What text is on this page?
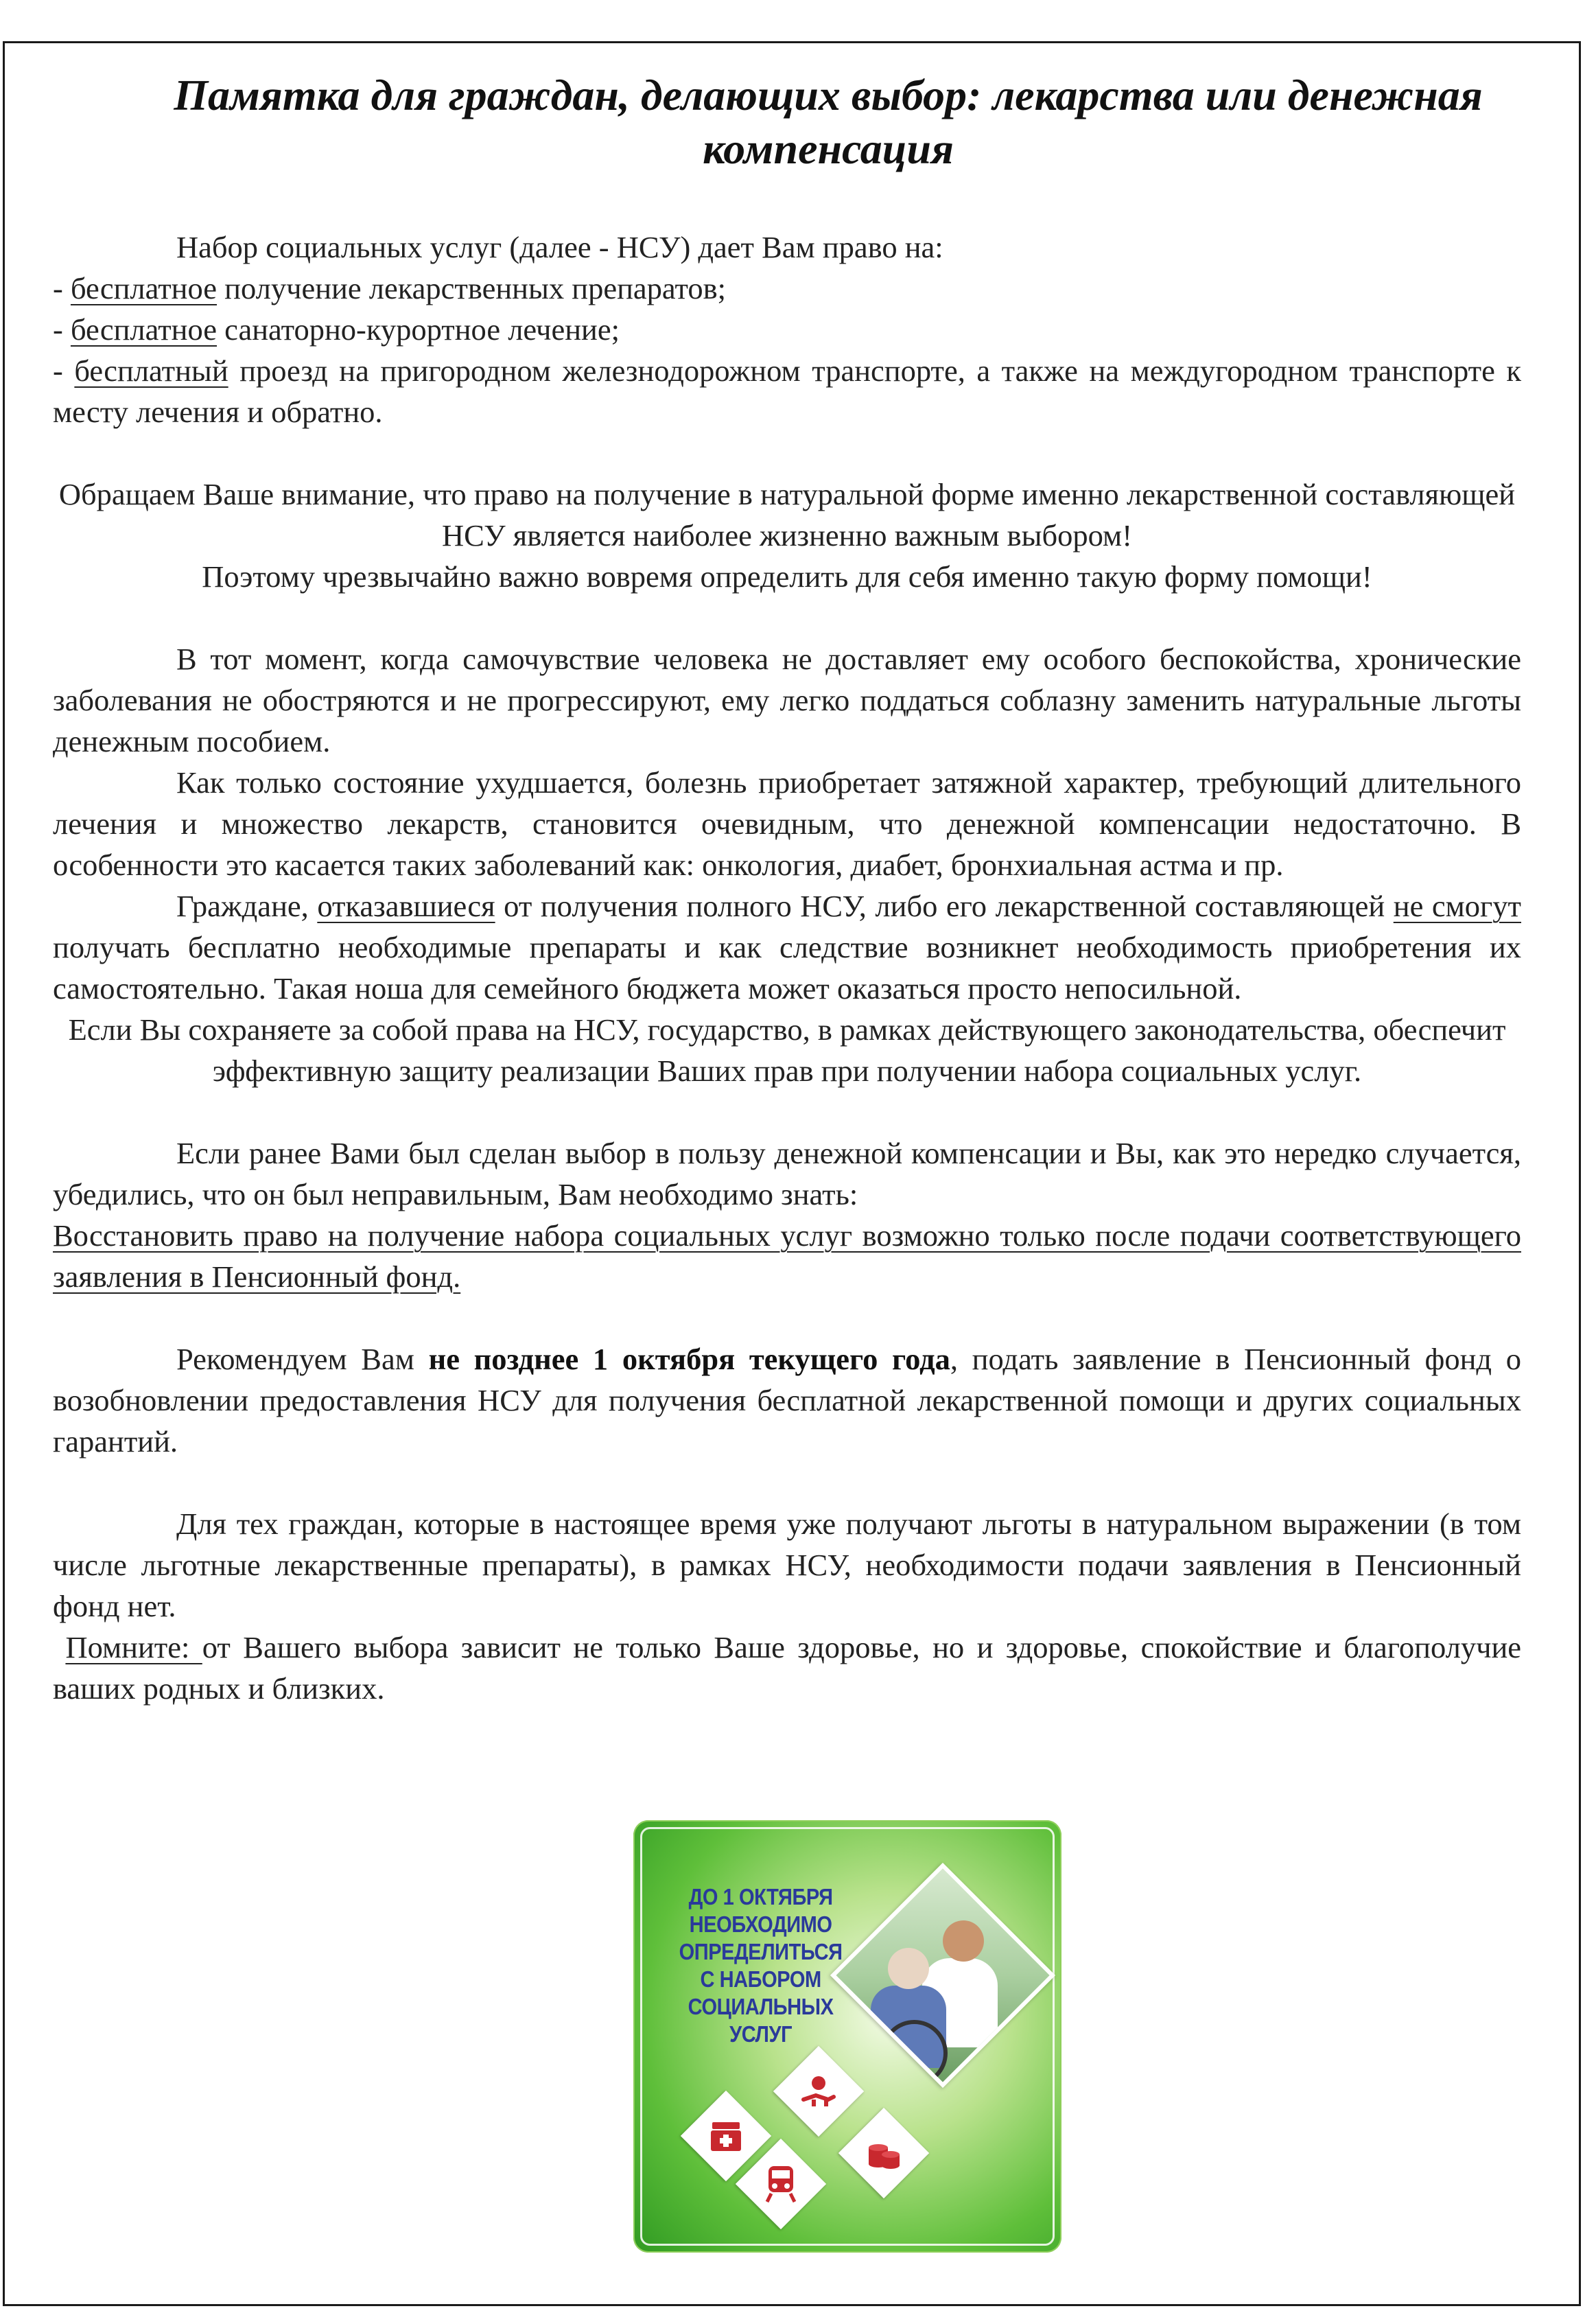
Памятка для граждан, делающих выбор: лекарства или денежная компенсация

Набор социальных услуг (далее - НСУ) дает Вам право на:

- бесплатное получение лекарственных препаратов;

- бесплатное санаторно-курортное лечение;

- бесплатный проезд на пригородном железнодорожном транспорте, а также на междугородном транспорте к месту лечения и обратно.

Обращаем Ваше внимание, что право на получение в натуральной форме именно лекарственной составляющей НСУ является наиболее жизненно важным выбором!

Поэтому чрезвычайно важно вовремя определить для себя именно такую форму помощи!

В тот момент, когда самочувствие человека не доставляет ему особого беспокойства, хронические заболевания не обостряются и не прогрессируют, ему легко поддаться соблазну заменить натуральные льготы денежным пособием.

Как только состояние ухудшается, болезнь приобретает затяжной характер, требующий длительного лечения и множество лекарств, становится очевидным, что денежной компенсации недостаточно. В особенности это касается таких заболеваний как: онкология, диабет, бронхиальная астма и пр.

Граждане, отказавшиеся от получения полного НСУ, либо его лекарственной составляющей не смогут получать бесплатно необходимые препараты и как следствие возникнет необходимость приобретения их самостоятельно. Такая ноша для семейного бюджета может оказаться просто непосильной.

Если Вы сохраняете за собой права на НСУ, государство, в рамках действующего законодательства, обеспечит эффективную защиту реализации Ваших прав при получении набора социальных услуг.

Если ранее Вами был сделан выбор в пользу денежной компенсации и Вы, как это нередко случается, убедились, что он был неправильным, Вам необходимо знать:

Восстановить право на получение набора социальных услуг возможно только после подачи соответствующего заявления в Пенсионный фонд.

Рекомендуем Вам не позднее 1 октября текущего года, подать заявление в Пенсионный фонд о возобновлении предоставления НСУ для получения бесплатной лекарственной помощи и других социальных гарантий.

Для тех граждан, которые в настоящее время уже получают льготы в натуральном выражении (в том числе льготные лекарственные препараты), в рамках НСУ, необходимости подачи заявления в Пенсионный фонд нет.

Помните: от Вашего выбора зависит не только Ваше здоровье, но и здоровье, спокойствие и благополучие ваших родных и близких.

ДО 1 ОКТЯБРЯ
НЕОБХОДИМО
ОПРЕДЕЛИТЬСЯ
С НАБОРОМ
СОЦИАЛЬНЫХ
УСЛУГ
